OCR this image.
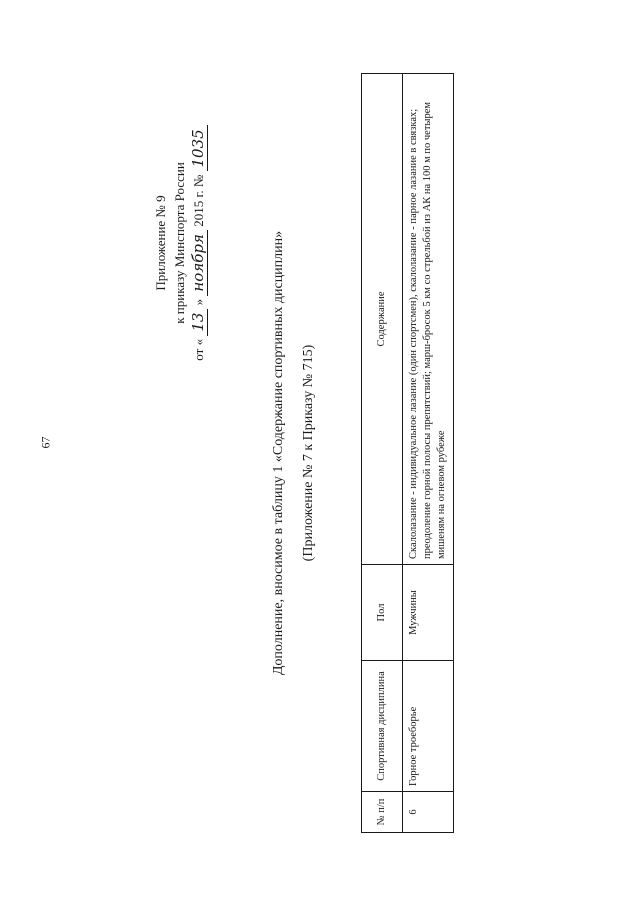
67
Приложение № 9 к приказу Минспорта России
от « 13 » ноября 2015 г. № 1035
Дополнение, вносимое в таблицу 1 «Содержание спортивных дисциплин» (Приложение № 7 к Приказу № 715)
№ п/п	Спортивная дисциплина	Пол	Содержание
6	Горное троеборье	Мужчины	Скалолазание - индивидуальное лазание (один спортсмен), скалолазание - парное лазание в связках; преодоление горной полосы препятствий; марш-бросок 5 км со стрельбой из АК на 100 м по четырем мишеням на огневом рубеже
